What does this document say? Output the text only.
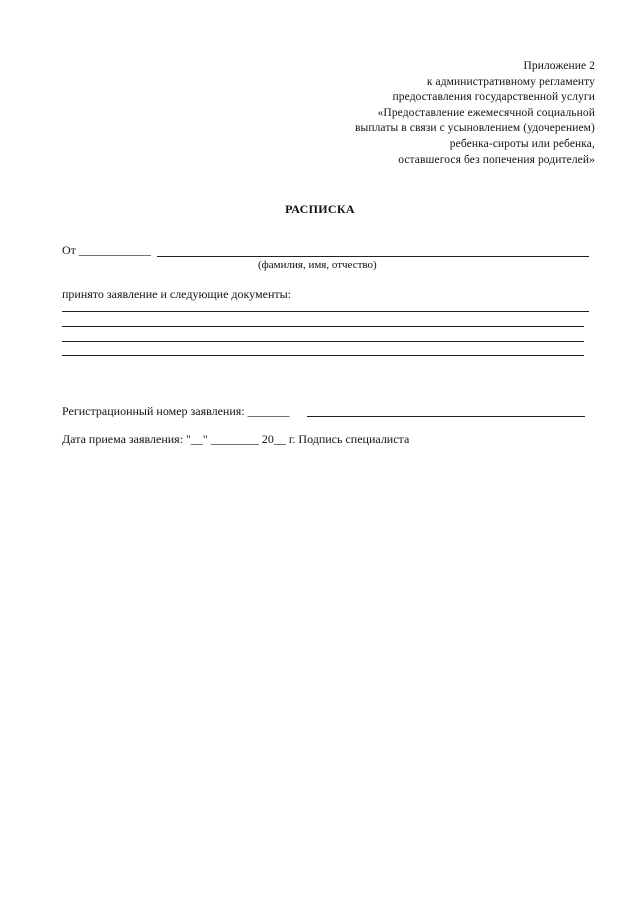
Приложение 2
к административному регламенту
предоставления государственной услуги
«Предоставление ежемесячной социальной
выплаты в связи с усыновлением (удочерением)
ребенка-сироты или ребенка,
оставшегося без попечения родителей»
РАСПИСКА
От ____________
(фамилия, имя, отчество)
принято заявление и следующие документы:
Регистрационный номер заявления: _______
Дата приема заявления: "__" ________ 20__ г. Подпись специалиста
